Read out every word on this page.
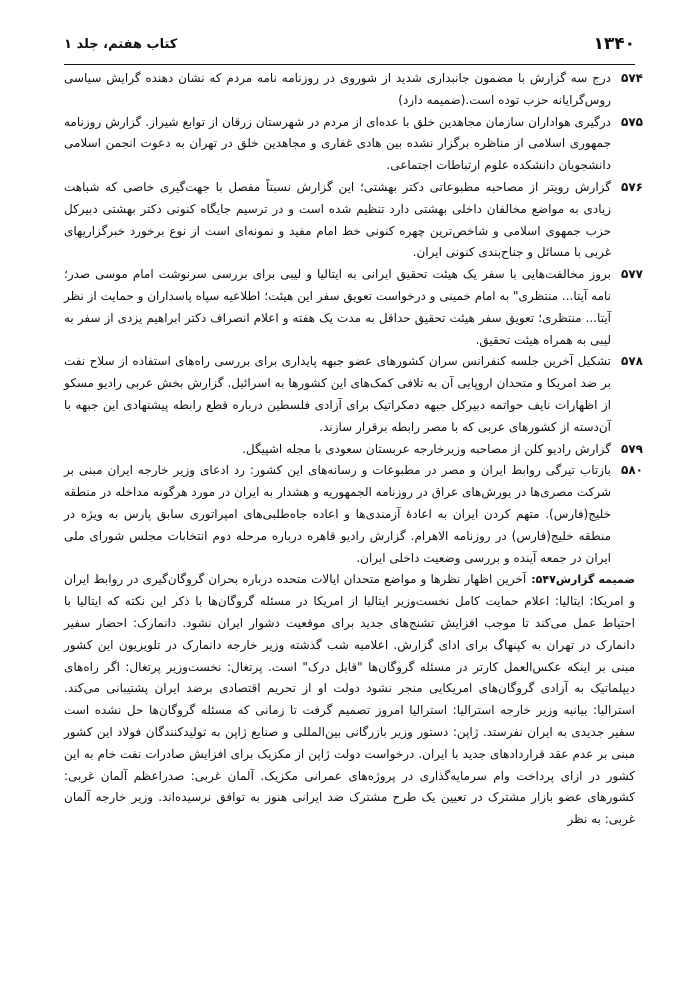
۱۳۴۰

کتاب هفتم، جلد ۱

۵۷۴

درج سه گزارش با مضمون جانبداری شدید از شوروی در روزنامه نامه مردم که نشان دهنده گرایش سیاسی روس‌گرایانه حزب توده است.(ضمیمه دارد)

۵۷۵

درگیری هواداران سازمان مجاهدین خلق با عده‌ای از مردم در شهرستان زرقان از توابع شیراز. گزارش روزنامه جمهوری اسلامی از مناظره برگزار نشده بین هادی غفاری و مجاهدین خلق در تهران به دعوت انجمن اسلامی دانشجویان دانشکده علوم ارتباطات اجتماعی.

۵۷۶

گزارش رویتر از مصاحبه مطبوعاتی دکتر بهشتی؛ این گزارش نسبتاً مفصل با جهت‌گیری خاصی که شباهت زیادی به مواضع مخالفان داخلی بهشتی دارد تنظیم شده است و در ترسیم جایگاه کنونی دکتر بهشتی دبیرکل حزب جمهوی اسلامی و شاخص‌ترین چهره کنونی خط امام مفید و نمونه‌ای است از نوع برخورد خبرگزاریهای غربی با مسائل و جناح‌بندی کنونی ایران.

۵۷۷

بروز مخالفت‌هایی با سفر یک هیئت تحقیق ایرانی به ایتالیا و لیبی برای بررسی سرنوشت امام موسی صدر؛ نامه آیتا... منتظری" به امام خمینی و درخواست تعویق سفر این هیئت؛ اطلاعیه سپاه پاسداران و حمایت از نظر آیتا... منتظری؛ تعویق سفر هیئت تحقیق حداقل به مدت یک هفته و اعلام انصراف دکتر ابراهیم یزدی از سفر به لیبی به همراه هیئت تحقیق.

۵۷۸

تشکیل آخرین جلسه کنفرانس سران کشورهای عضو جبهه پایداری برای بررسی راه‌های استفاده از سلاح نفت بر ضد امریکا و متحدان اروپایی آن به تلافی کمک‌های این کشورها به اسرائیل. گزارش بخش عربی رادیو مسکو از اظهارات نایف حواتمه دبیرکل جبهه دمکراتیک برای آزادی فلسطین درباره قطع رابطه پیشنهادی این جبهه با آن‌دسته از کشورهای عربی که با مصر رابطه برقرار سازند.

۵۷۹

گزارش رادیو کلن از مصاحبه وزیرخارجه عربستان سعودی با مجله اشپیگل.

۵۸۰

بازتاب تیرگی روابط ایران و مصر در مطبوعات و رسانه‌های این کشور: رد ادعای وزیر خارجه ایران مبنی بر شرکت مصری‌ها در یورش‌های عراق در روزنامه الجمهوریه و هشدار به ایران در مورد هرگونه مداخله در منطقه خلیج(فارس). متهم کردن ایران به اعادهٔ آزمندی‌ها و اعاده جاه‌طلبی‌های امپراتوری سابق پارس به ویژه در منطقه خلیج(فارس) در روزنامه الاهرام. گزارش رادیو قاهره درباره مرحله دوم انتخابات مجلس شورای ملی ایران در جمعه آینده و بررسی وضعیت داخلی ایران.

ضمیمه گزارش۵۴۷:آخرین اظهار نظرها و مواضع متحدان ایالات متحده درباره بحران گروگان‌گیری در روابط ایران و امریکا: ایتالیا: اعلام حمایت کامل نخست‌وزیر ایتالیا از امریکا در مسئله گروگان‌ها با ذکر این نکته که ایتالیا با احتیاط عمل می‌کند تا موجب افزایش تشنج‌های جدید برای موقعیت دشوار ایران نشود. دانمارک: احضار سفیر دانمارک در تهران به کپنهاگ برای ادای گزارش. اعلامیه شب گذشته وزیر خارجه دانمارک در تلویزیون این کشور مبنی بر اینکه عکس‌العمل کارتر در مسئله گروگان‌ها "قابل درک" است. پرتغال: نخست‌وزیر پرتغال: اگر راه‌های دیپلماتیک به آزادی گروگان‌های امریکایی منجر نشود دولت او از تحریم اقتصادی برضد ایران پشتیبانی می‌کند. استرالیا: بیانیه وزیر خارجه استرالیا: استرالیا امروز تصمیم گرفت تا زمانی که مسئله گروگان‌ها حل نشده است سفیر جدیدی به ایران نفرستد. ژاپن: دستور وزیر بازرگانی بین‌المللی و صنایع ژاپن به تولیدکنندگان فولاد این کشور مبنی بر عدم عقد قراردادهای جدید با ایران. درخواست دولت ژاپن از مکزیک برای افزایش صادرات نفت خام به این کشور در ازای پرداخت وام سرمایه‌گذاری در پروژه‌های عمرانی مکزیک. آلمان غربی: صدراعظم آلمان غربی: کشورهای عضو بازار مشترک در تعیین یک طرح مشترک ضد ایرانی هنوز به توافق نرسیده‌اند. وزیر خارجه آلمان غربی: به نظر
